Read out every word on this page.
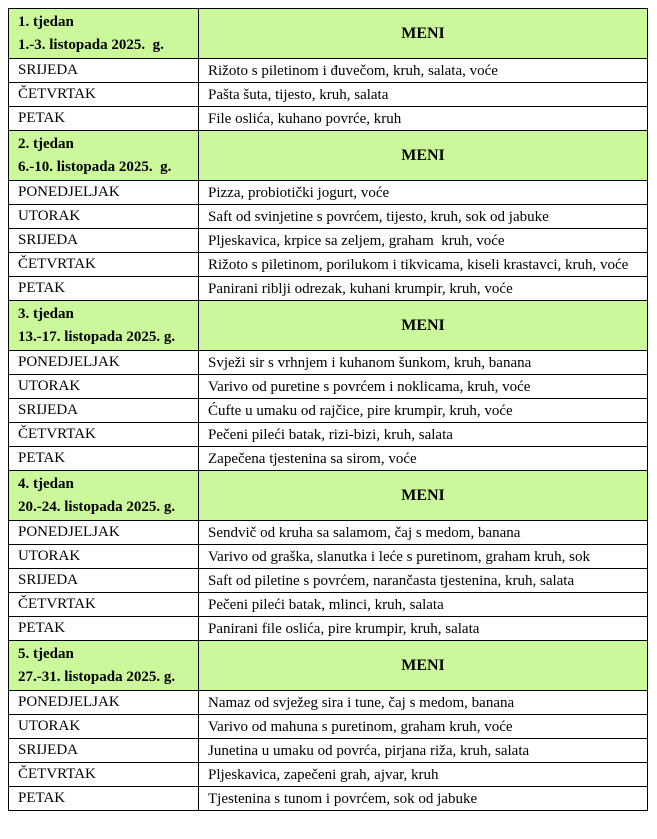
1. tjedan
1.-3. listopada 2025.  g.	MENI
SRIJEDA	Rižoto s piletinom i đuvečom, kruh, salata, voće
ČETVRTAK	Pašta šuta, tijesto, kruh, salata
PETAK	File oslića, kuhano povrće, kruh

2. tjedan
6.-10. listopada 2025.  g.	MENI
PONEDJELJAK	Pizza, probiotički jogurt, voće
UTORAK	Saft od svinjetine s povrćem, tijesto, kruh, sok od jabuke
SRIJEDA	Pljeskavica, krpice sa zeljem, graham  kruh, voće
ČETVRTAK	Rižoto s piletinom, porilukom i tikvicama, kiseli krastavci, kruh, voće
PETAK	Panirani riblji odrezak, kuhani krumpir, kruh, voće

3. tjedan
13.-17. listopada 2025. g.	MENI
PONEDJELJAK	Svježi sir s vrhnjem i kuhanom šunkom, kruh, banana
UTORAK	Varivo od puretine s povrćem i noklicama, kruh, voće
SRIJEDA	Ćufte u umaku od rajčice, pire krumpir, kruh, voće
ČETVRTAK	Pečeni pileći batak, rizi-bizi, kruh, salata
PETAK	Zapečena tjestenina sa sirom, voće

4. tjedan
20.-24. listopada 2025. g.	MENI
PONEDJELJAK	Sendvič od kruha sa salamom, čaj s medom, banana
UTORAK	Varivo od graška, slanutka i leće s puretinom, graham kruh, sok
SRIJEDA	Saft od piletine s povrćem, narančasta tjestenina, kruh, salata
ČETVRTAK	Pečeni pileći batak, mlinci, kruh, salata
PETAK	Panirani file oslića, pire krumpir, kruh, salata

5. tjedan
27.-31. listopada 2025. g.	MENI
PONEDJELJAK	Namaz od svježeg sira i tune, čaj s medom, banana
UTORAK	Varivo od mahuna s puretinom, graham kruh, voće
SRIJEDA	Junetina u umaku od povrća, pirjana riža, kruh, salata
ČETVRTAK	Pljeskavica, zapečeni grah, ajvar, kruh
PETAK	Tjestenina s tunom i povrćem, sok od jabuke
